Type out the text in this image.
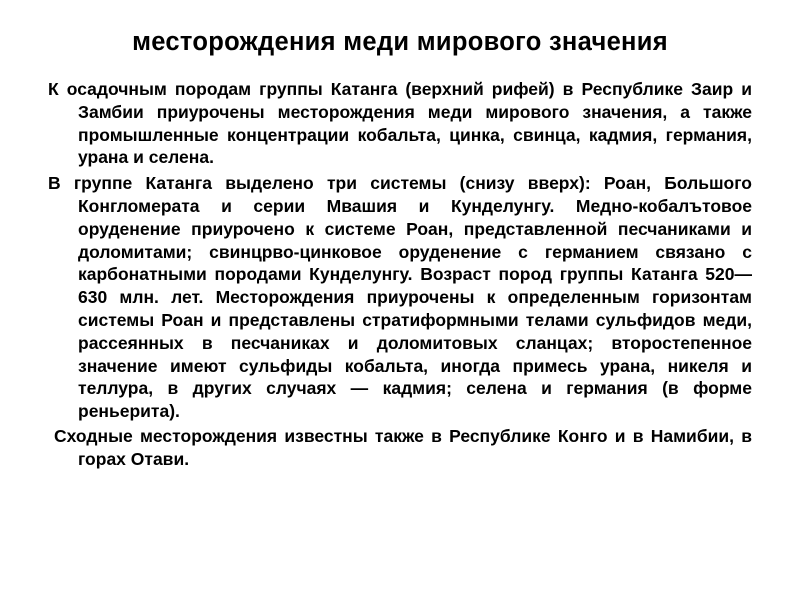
месторождения меди мирового значения

К осадочным породам группы Катанга (верхний рифей) в Республике Заир и Замбии приурочены месторождения меди мирового значения, а также промышленные концентрации кобальта, цинка, свинца, кадмия, германия, урана и селена.

В группе Катанга выделено три системы (снизу вверх): Роан, Большого Конгломерата и серии Мвашия и Кунделунгу. Медно-кобалътовое оруденение приурочено к системе Роан, представленной песчаниками и доломитами; свинцрво-цинковое оруденение с германием связано с карбонатными породами Кунделунгу. Возраст пород группы Катанга 520—630 млн. лет. Месторождения приурочены к определенным горизонтам системы Роан и представлены стратиформными телами сульфидов меди, рассеянных в песчаниках и доломитовых сланцах; второстепенное значение имеют сульфиды кобальта, иногда примесь урана, никеля и теллура, в других случаях — кадмия; селена и германия (в форме реньерита).

Сходные месторождения известны также в Республике Конго и в Намибии, в горах Отави.
